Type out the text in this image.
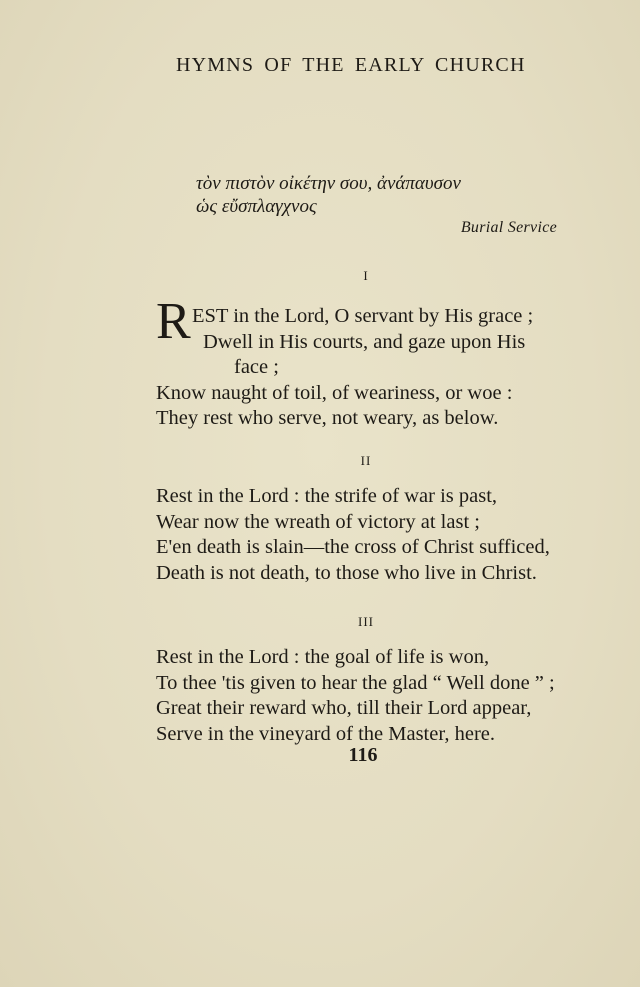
HYMNS OF THE EARLY CHURCH
τὸν πιστὸν οἰκέτην σου, ἀνάπαυσον
ὡς εὔσπλαγχνος
Burial Service
I
R EST in the Lord, O servant by His grace ;
Dwell in His courts, and gaze upon His
face ;
Know naught of toil, of weariness, or woe :
They rest who serve, not weary, as below.
II
Rest in the Lord : the strife of war is past,
Wear now the wreath of victory at last ;
E'en death is slain—the cross of Christ sufficed,
Death is not death, to those who live in Christ.
III
Rest in the Lord : the goal of life is won,
To thee 'tis given to hear the glad “ Well done ” ;
Great their reward who, till their Lord appear,
Serve in the vineyard of the Master, here.
116
